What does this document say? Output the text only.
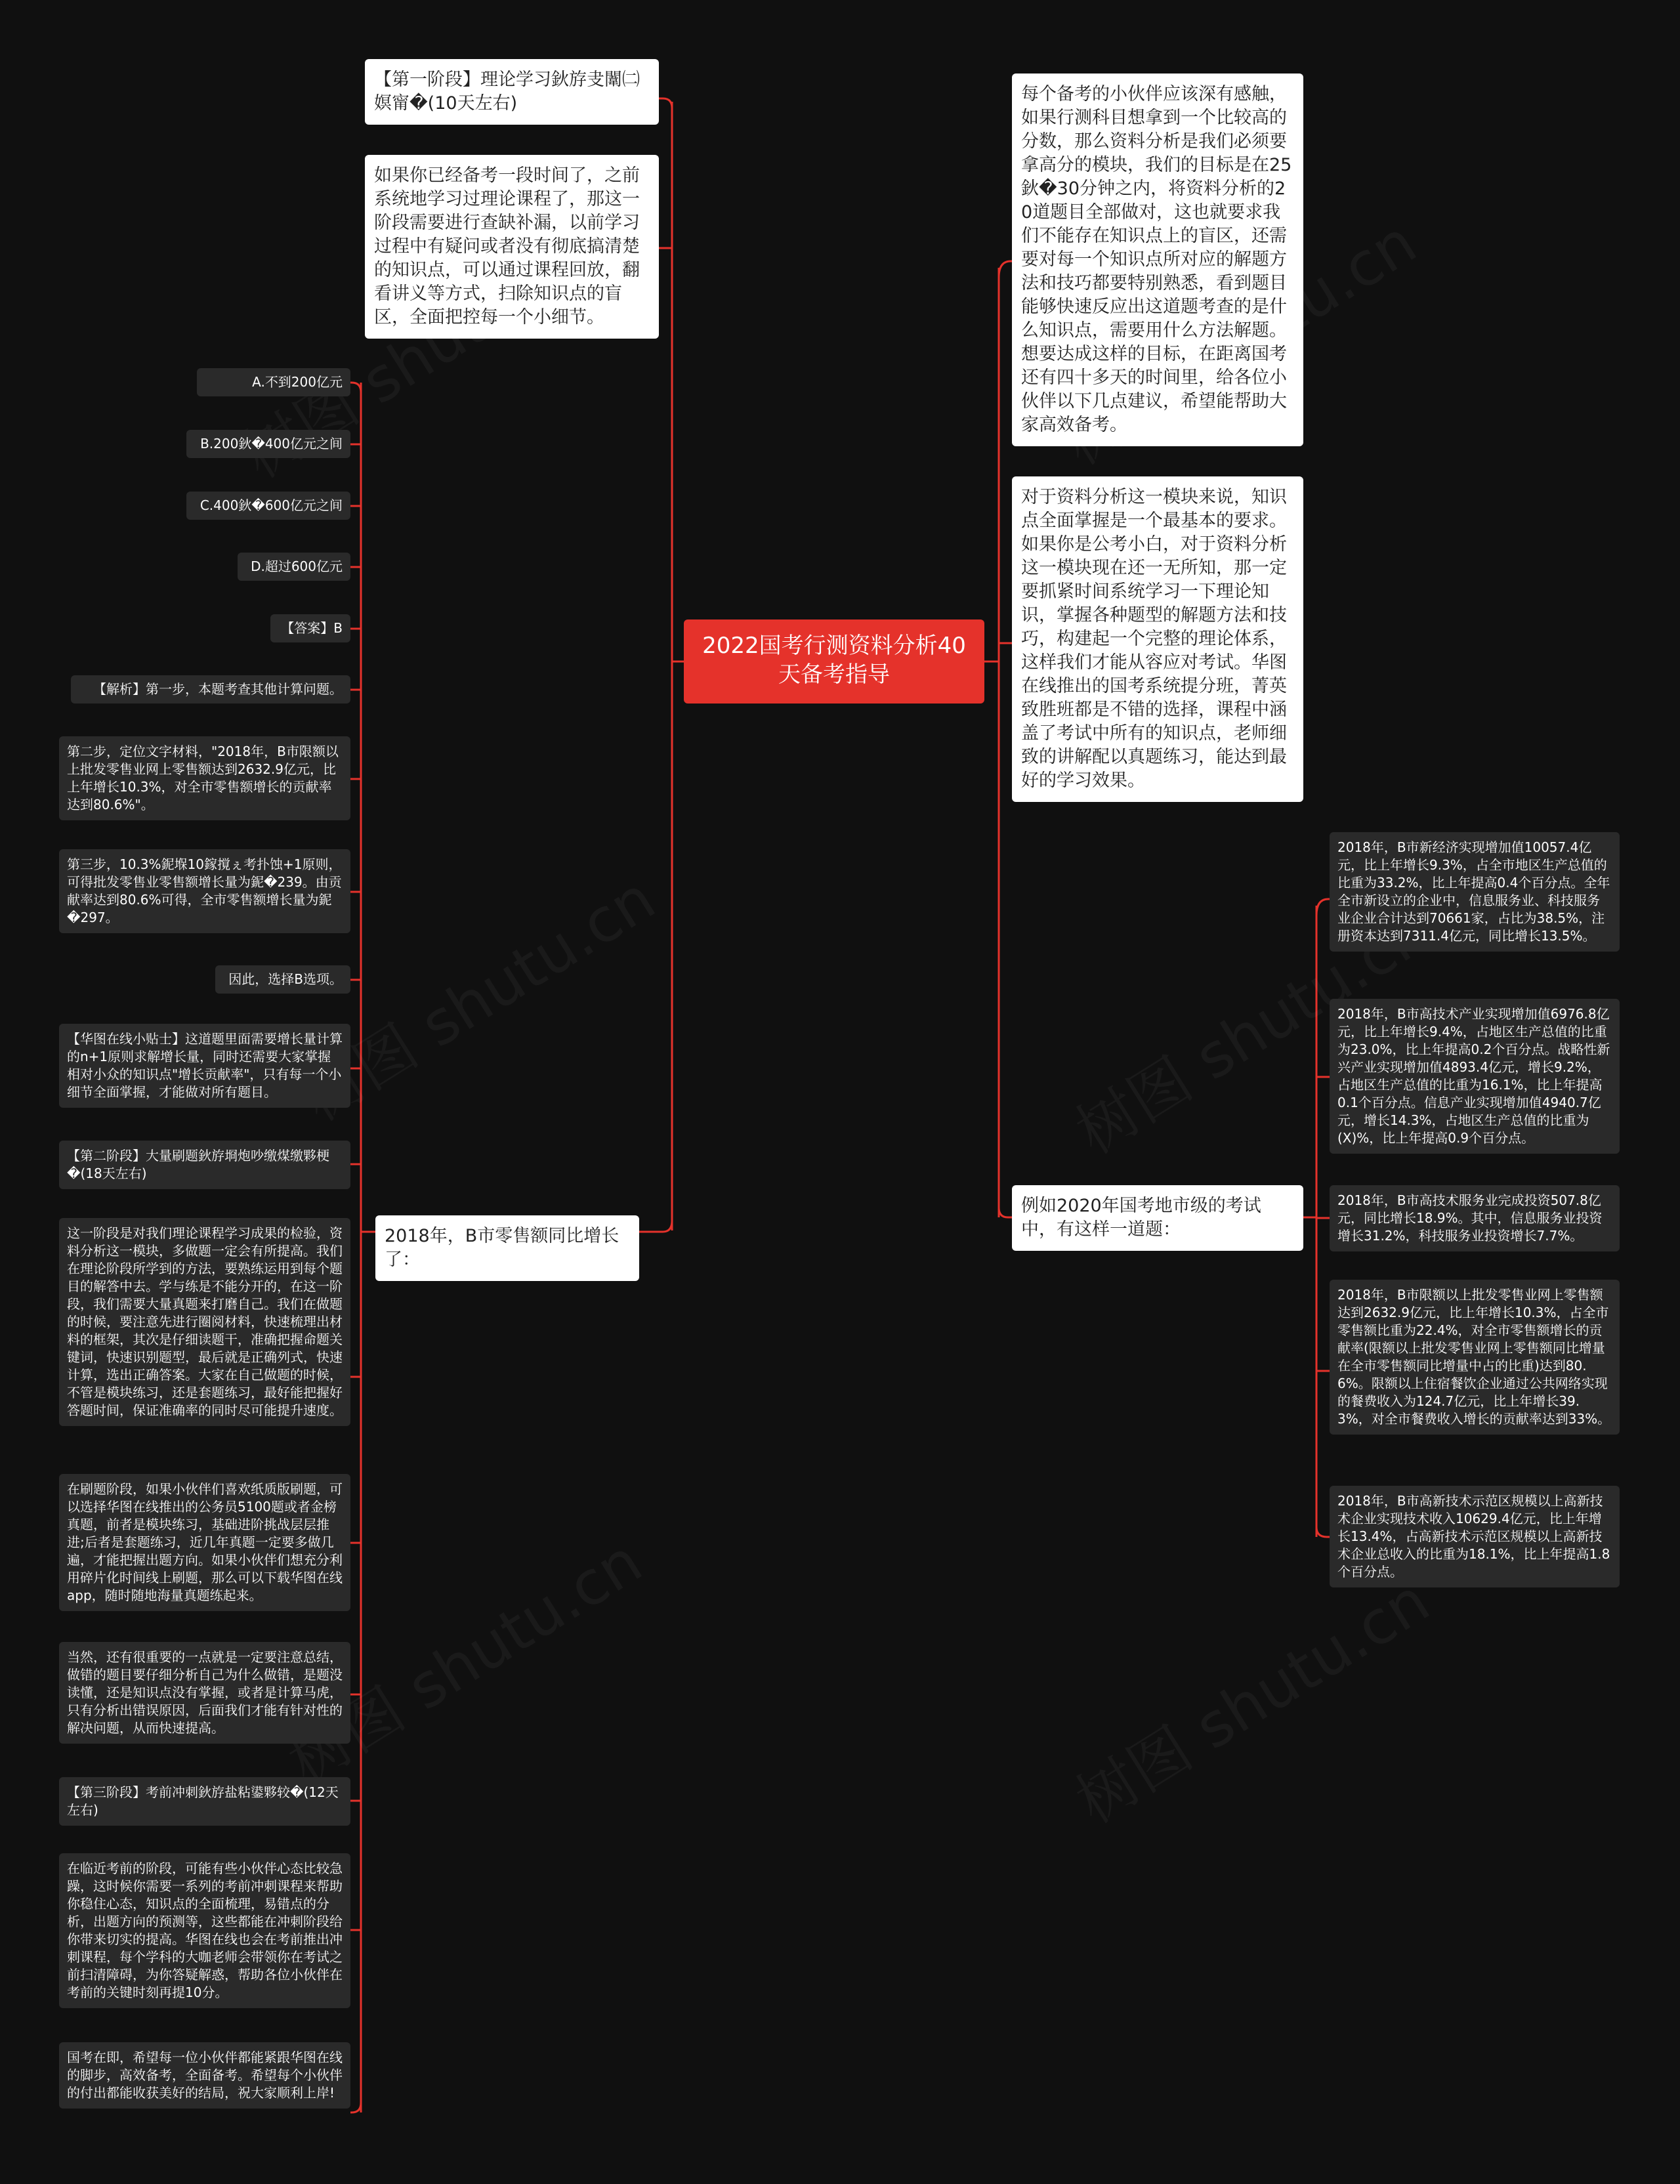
2022国考行测资料分析40天备考指导
【第一阶段】理论学习鈥斿叏闈㈡嫇甯�(10天左右)
如果你已经备考一段时间了，之前系统地学习过理论课程了，那这一阶段需要进行查缺补漏，以前学习过程中有疑问或者没有彻底搞清楚的知识点，可以通过课程回放，翻看讲义等方式，扫除知识点的盲区，全面把控每一个小细节。
2018年，B市零售额同比增长了：
A.不到200亿元
B.200鈥�400亿元之间
C.400鈥�600亿元之间
D.超过600亿元
【答案】B
【解析】第一步，本题考查其他计算问题。
第二步，定位文字材料，"2018年，B市限额以上批发零售业网上零售额达到2632.9亿元，比上年增长10.3%，对全市零售额增长的贡献率达到80.6%"。
第三步，10.3%鈮堢10鎵撹ぇ考扑蚀+1原则，可得批发零售业零售额增长量为鈮�239。由贡献率达到80.6%可得，全市零售额增长量为鈮�297。
因此，选择B选项。
【华图在线小贴士】这道题里面需要增长量计算的n+1原则求解增长量，同时还需要大家掌握相对小众的知识点"增长贡献率"，只有每一个小细节全面掌握，才能做对所有题目。
【第二阶段】大量刷题鈥斿埛炮吵缴煤缴夥梗�(18天左右)
这一阶段是对我们理论课程学习成果的检验，资料分析这一模块，多做题一定会有所提高。我们在理论阶段所学到的方法，要熟练运用到每个题目的解答中去。学与练是不能分开的，在这一阶段，我们需要大量真题来打磨自己。我们在做题的时候，要注意先进行圈阅材料，快速梳理出材料的框架，其次是仔细读题干，准确把握命题关键词，快速识别题型，最后就是正确列式，快速计算，选出正确答案。大家在自己做题的时候，不管是模块练习，还是套题练习，最好能把握好答题时间，保证准确率的同时尽可能提升速度。
在刷题阶段，如果小伙伴们喜欢纸质版刷题，可以选择华图在线推出的公务员5100题或者金榜真题，前者是模块练习，基础进阶挑战层层推进;后者是套题练习，近几年真题一定要多做几遍，才能把握出题方向。如果小伙伴们想充分利用碎片化时间线上刷题，那么可以下载华图在线app，随时随地海量真题练起来。
当然，还有很重要的一点就是一定要注意总结，做错的题目要仔细分析自己为什么做错，是题没读懂，还是知识点没有掌握，或者是计算马虎，只有分析出错误原因，后面我们才能有针对性的解决问题，从而快速提高。
【第三阶段】考前冲刺鈥斿盐粘鍙夥较�(12天左右)
在临近考前的阶段，可能有些小伙伴心态比较急躁，这时候你需要一系列的考前冲刺课程来帮助你稳住心态，知识点的全面梳理，易错点的分析，出题方向的预测等，这些都能在冲刺阶段给你带来切实的提高。华图在线也会在考前推出冲刺课程，每个学科的大咖老师会带领你在考试之前扫清障碍，为你答疑解惑，帮助各位小伙伴在考前的关键时刻再提10分。
国考在即，希望每一位小伙伴都能紧跟华图在线的脚步，高效备考，全面备考。希望每个小伙伴的付出都能收获美好的结局，祝大家顺利上岸!
每个备考的小伙伴应该深有感触，如果行测科目想拿到一个比较高的分数，那么资料分析是我们必须要拿高分的模块，我们的目标是在25鈥�30分钟之内，将资料分析的20道题目全部做对，这也就要求我们不能存在知识点上的盲区，还需要对每一个知识点所对应的解题方法和技巧都要特别熟悉，看到题目能够快速反应出这道题考查的是什么知识点，需要用什么方法解题。想要达成这样的目标，在距离国考还有四十多天的时间里，给各位小伙伴以下几点建议，希望能帮助大家高效备考。
对于资料分析这一模块来说，知识点全面掌握是一个最基本的要求。如果你是公考小白，对于资料分析这一模块现在还一无所知，那一定要抓紧时间系统学习一下理论知识，掌握各种题型的解题方法和技巧，构建起一个完整的理论体系，这样我们才能从容应对考试。华图在线推出的国考系统提分班，菁英致胜班都是不错的选择，课程中涵盖了考试中所有的知识点，老师细致的讲解配以真题练习，能达到最好的学习效果。
例如2020年国考地市级的考试中，有这样一道题：
2018年，B市新经济实现增加值10057.4亿元，比上年增长9.3%，占全市地区生产总值的比重为33.2%，比上年提高0.4个百分点。全年全市新设立的企业中，信息服务业、科技服务业企业合计达到70661家，占比为38.5%，注册资本达到7311.4亿元，同比增长13.5%。
2018年，B市高技术产业实现增加值6976.8亿元，比上年增长9.4%，占地区生产总值的比重为23.0%，比上年提高0.2个百分点。战略性新兴产业实现增加值4893.4亿元，增长9.2%，占地区生产总值的比重为16.1%，比上年提高0.1个百分点。信息产业实现增加值4940.7亿元，增长14.3%，占地区生产总值的比重为(X)%，比上年提高0.9个百分点。
2018年，B市高技术服务业完成投资507.8亿元，同比增长18.9%。其中，信息服务业投资增长31.2%，科技服务业投资增长7.7%。
2018年，B市限额以上批发零售业网上零售额达到2632.9亿元，比上年增长10.3%，占全市零售额比重为22.4%，对全市零售额增长的贡献率(限额以上批发零售业网上零售额同比增量在全市零售额同比增量中占的比重)达到80.6%。限额以上住宿餐饮企业通过公共网络实现的餐费收入为124.7亿元，比上年增长39.3%，对全市餐费收入增长的贡献率达到33%。
2018年，B市高新技术示范区规模以上高新技术企业实现技术收入10629.4亿元，比上年增长13.4%，占高新技术示范区规模以上高新技术企业总收入的比重为18.1%，比上年提高1.8个百分点。
